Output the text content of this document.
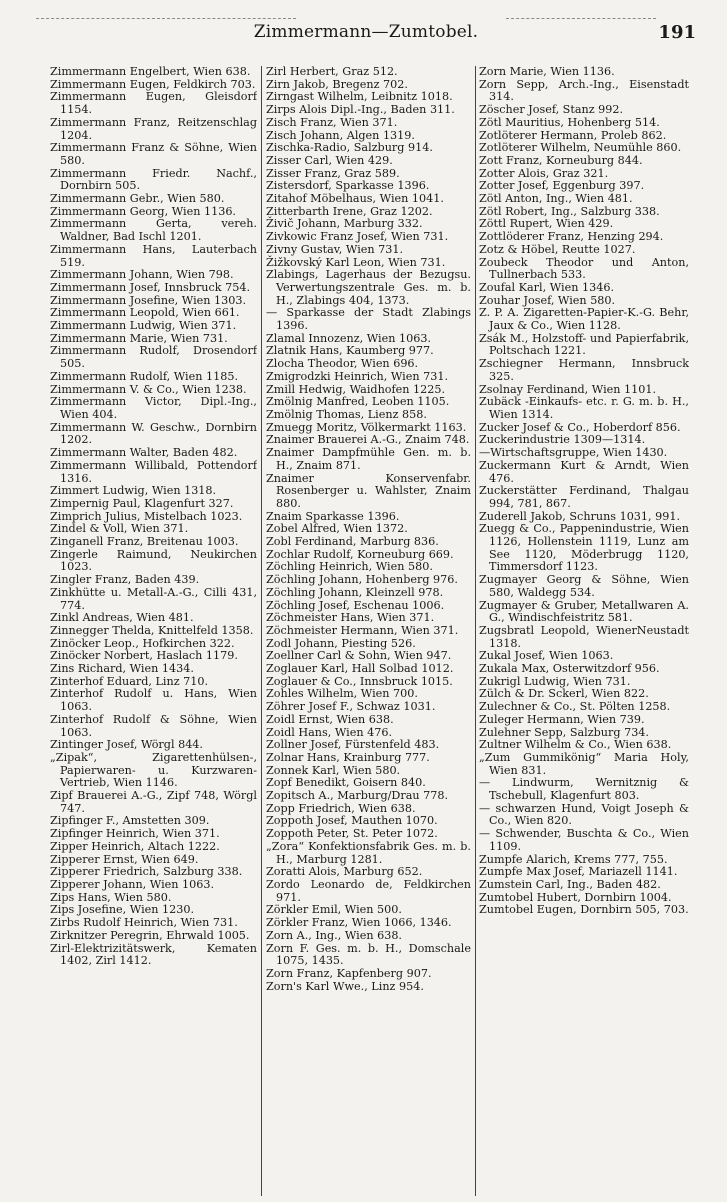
Zimmermann—Zumtobel.	191

Zimmermann Engelbert, Wien 638.

Zimmermann Eugen, Feldkirch 703.

Zimmermann Eugen, Gleisdorf 1154.

Zimmermann Franz, Reitzenschlag 1204.

Zimmermann Franz & Söhne, Wien 580.

Zimmermann Friedr. Nachf., Dornbirn 505.

Zimmermann Gebr., Wien 580.

Zimmermann Georg, Wien 1136.

Zimmermann Gerta, vereh. Waldner, Bad Ischl 1201.

Zimmermann Hans, Lauterbach 519.

Zimmermann Johann, Wien 798.

Zimmermann Josef, Innsbruck 754.

Zimmermann Josefine, Wien 1303.

Zimmermann Leopold, Wien 661.

Zimmermann Ludwig, Wien 371.

Zimmermann Marie, Wien 731.

Zimmermann Rudolf, Drosendorf 505.

Zimmermann Rudolf, Wien 1185.

Zimmermann V. & Co., Wien 1238.

Zimmermann Victor, Dipl.-Ing., Wien 404.

Zimmermann W. Geschw., Dornbirn 1202.

Zimmermann Walter, Baden 482.

Zimmermann Willibald, Pottendorf 1316.

Zimmert Ludwig, Wien 1318.

Zimpernig Paul, Klagenfurt 327.

Zimprich Julius, Mistelbach 1023.

Zindel & Voll, Wien 371.

Zinganell Franz, Breitenau 1003.

Zingerle Raimund, Neukirchen 1023.

Zingler Franz, Baden 439.

Zinkhütte u. Metall-A.-G., Cilli 431, 774.

Zinkl Andreas, Wien 481.

Zinnegger Thelda, Knittelfeld 1358.

Zinöcker Leop., Hofkirchen 322.

Zinöcker Norbert, Haslach 1179.

Zins Richard, Wien 1434.

Zinterhof Eduard, Linz 710.

Zinterhof Rudolf u. Hans, Wien 1063.

Zinterhof Rudolf & Söhne, Wien 1063.

Zintinger Josef, Wörgl 844.

„Zipak“, Zigarettenhülsen-, Papierwaren- u. Kurzwaren-Vertrieb, Wien 1146.

Zipf Brauerei A.-G., Zipf 748, Wörgl 747.

Zipfinger F., Amstetten 309.

Zipfinger Heinrich, Wien 371.

Zipper Heinrich, Altach 1222.

Zipperer Ernst, Wien 649.

Zipperer Friedrich, Salzburg 338.

Zipperer Johann, Wien 1063.

Zips Hans, Wien 580.

Zips Josefine, Wien 1230.

Zirbs Rudolf Heinrich, Wien 731.

Zirknitzer Peregrin, Ehrwald 1005.

Zirl-Elektrizitätswerk, Kematen 1402, Zirl 1412.

Zirl Herbert, Graz 512.

Zirn Jakob, Bregenz 702.

Zirngast Wilhelm, Leibnitz 1018.

Zirps Alois Dipl.-Ing., Baden 311.

Zisch Franz, Wien 371.

Zisch Johann, Algen 1319.

Zischka-Radio, Salzburg 914.

Zisser Carl, Wien 429.

Zisser Franz, Graz 589.

Zistersdorf, Sparkasse 1396.

Zitahof Möbelhaus, Wien 1041.

Zitterbarth Irene, Graz 1202.

Živič Johann, Marburg 332.

Zivkowic Franz Josef, Wien 731.

Zivny Gustav, Wien 731.

Žižkovský Karl Leon, Wien 731.

Zlabings, Lagerhaus der Bezugsu. Verwertungszentrale Ges. m. b. H., Zlabings 404, 1373.

— Sparkasse der Stadt Zlabings 1396.

Zlamal Innozenz, Wien 1063.

Zlatnik Hans, Kaumberg 977.

Zlocha Theodor, Wien 696.

Zmigrodzki Heinrich, Wien 731.

Zmill Hedwig, Waidhofen 1225.

Zmölnig Manfred, Leoben 1105.

Zmölnig Thomas, Lienz 858.

Zmuegg Moritz, Völkermarkt 1163.

Znaimer Brauerei A.-G., Znaim 748.

Znaimer Dampfmühle Gen. m. b. H., Znaim 871.

Znaimer Konservenfabr. Rosenberger u. Wahlster, Znaim 880.

Znaim Sparkasse 1396.

Zobel Alfred, Wien 1372.

Zobl Ferdinand, Marburg 836.

Zochlar Rudolf, Korneuburg 669.

Zöchling Heinrich, Wien 580.

Zöchling Johann, Hohenberg 976.

Zöchling Johann, Kleinzell 978.

Zöchling Josef, Eschenau 1006.

Zöchmeister Hans, Wien 371.

Zöchmeister Hermann, Wien 371.

Zodl Johann, Piesting 526.

Zoellner Carl & Sohn, Wien 947.

Zoglauer Karl, Hall Solbad 1012.

Zoglauer & Co., Innsbruck 1015.

Zohles Wilhelm, Wien 700.

Zöhrer Josef F., Schwaz 1031.

Zoidl Ernst, Wien 638.

Zoidl Hans, Wien 476.

Zollner Josef, Fürstenfeld 483.

Zolnar Hans, Krainburg 777.

Zonnek Karl, Wien 580.

Zopf Benedikt, Goisern 840.

Zopitsch A., Marburg/Drau 778.

Zopp Friedrich, Wien 638.

Zoppoth Josef, Mauthen 1070.

Zoppoth Peter, St. Peter 1072.

„Zora“ Konfektionsfabrik Ges. m. b. H., Marburg 1281.

Zoratti Alois, Marburg 652.

Zordo Leonardo de, Feldkirchen 971.

Zörkler Emil, Wien 500.

Zörkler Franz, Wien 1066, 1346.

Zorn A., Ing., Wien 638.

Zorn F. Ges. m. b. H., Domschale 1075, 1435.

Zorn Franz, Kapfenberg 907.

Zorn's Karl Wwe., Linz 954.

Zorn Marie, Wien 1136.

Zorn Sepp, Arch.-Ing., Eisenstadt 314.

Zöscher Josef, Stanz 992.

Zötl Mauritius, Hohenberg 514.

Zotlöterer Hermann, Proleb 862.

Zotlöterer Wilhelm, Neumühle 860.

Zott Franz, Korneuburg 844.

Zotter Alois, Graz 321.

Zotter Josef, Eggenburg 397.

Zötl Anton, Ing., Wien 481.

Zötl Robert, Ing., Salzburg 338.

Zöttl Rupert, Wien 429.

Zottlöderer Franz, Henzing 294.

Zotz & Höbel, Reutte 1027.

Zoubeck Theodor und Anton, Tullnerbach 533.

Zoufal Karl, Wien 1346.

Zouhar Josef, Wien 580.

Z. P. A. Zigaretten-Papier-K.-G. Behr, Jaux & Co., Wien 1128.

Zsák M., Holzstoff- und Papierfabrik, Poltschach 1221.

Zschiegner Hermann, Innsbruck 325.

Zsolnay Ferdinand, Wien 1101.

Zubäck -Einkaufs- etc. r. G. m. b. H., Wien 1314.

Zucker Josef & Co., Hoberdorf 856.

Zuckerindustrie 1309—1314.

—Wirtschaftsgruppe, Wien 1430.

Zuckermann Kurt & Arndt, Wien 476.

Zuckerstätter Ferdinand, Thalgau 994, 781, 867.

Zuderell Jakob, Schruns 1031, 991.

Zuegg & Co., Pappenindustrie, Wien 1126, Hollenstein 1119, Lunz am See 1120, Möderbrugg 1120, Timmersdorf 1123.

Zugmayer Georg & Söhne, Wien 580, Waldegg 534.

Zugmayer & Gruber, Metallwaren A. G., Windischfeistritz 581.

Zugsbratl Leopold, WienerNeustadt 1318.

Zukal Josef, Wien 1063.

Zukala Max, Osterwitzdorf 956.

Zukrigl Ludwig, Wien 731.

Zülch & Dr. Sckerl, Wien 822.

Zulechner & Co., St. Pölten 1258.

Zuleger Hermann, Wien 739.

Zulehner Sepp, Salzburg 734.

Zultner Wilhelm & Co., Wien 638.

„Zum Gummikönig“ Maria Holy, Wien 831.

— Lindwurm, Wernitznig & Tschebull, Klagenfurt 803.

— schwarzen Hund, Voigt Joseph & Co., Wien 820.

— Schwender, Buschta & Co., Wien 1109.

Zumpfe Alarich, Krems 777, 755.

Zumpfe Max Josef, Mariazell 1141.

Zumstein Carl, Ing., Baden 482.

Zumtobel Hubert, Dornbirn 1004.

Zumtobel Eugen, Dornbirn 505, 703.
